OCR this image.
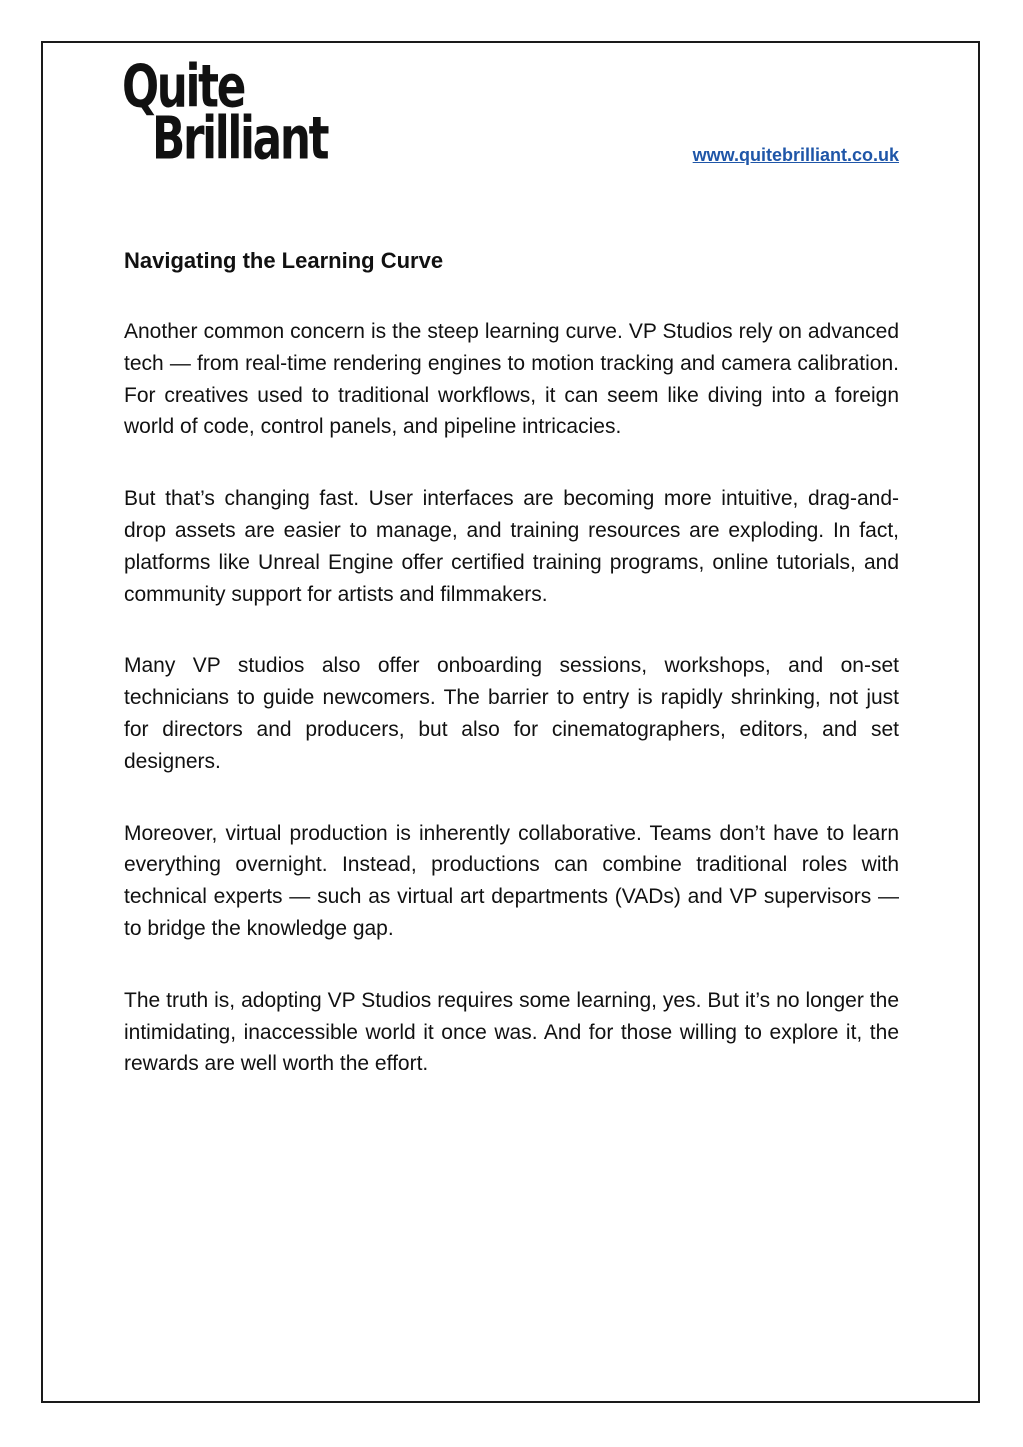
Quite
Brilliant	www.quitebrilliant.co.uk
Navigating the Learning Curve

Another common concern is the steep learning curve. VP Studios rely on advanced tech — from real-time rendering engines to motion tracking and camera calibration. For creatives used to traditional workflows, it can seem like diving into a foreign world of code, control panels, and pipeline intricacies.

But that’s changing fast. User interfaces are becoming more intuitive, drag-and-drop assets are easier to manage, and training resources are exploding. In fact, platforms like Unreal Engine offer certified training programs, online tutorials, and community support for artists and filmmakers.

Many VP studios also offer onboarding sessions, workshops, and on-set technicians to guide newcomers. The barrier to entry is rapidly shrinking, not just for directors and producers, but also for cinematographers, editors, and set designers.

Moreover, virtual production is inherently collaborative. Teams don’t have to learn everything overnight. Instead, productions can combine traditional roles with technical experts — such as virtual art departments (VADs) and VP supervisors — to bridge the knowledge gap.

The truth is, adopting VP Studios requires some learning, yes. But it’s no longer the intimidating, inaccessible world it once was. And for those willing to explore it, the rewards are well worth the effort.
